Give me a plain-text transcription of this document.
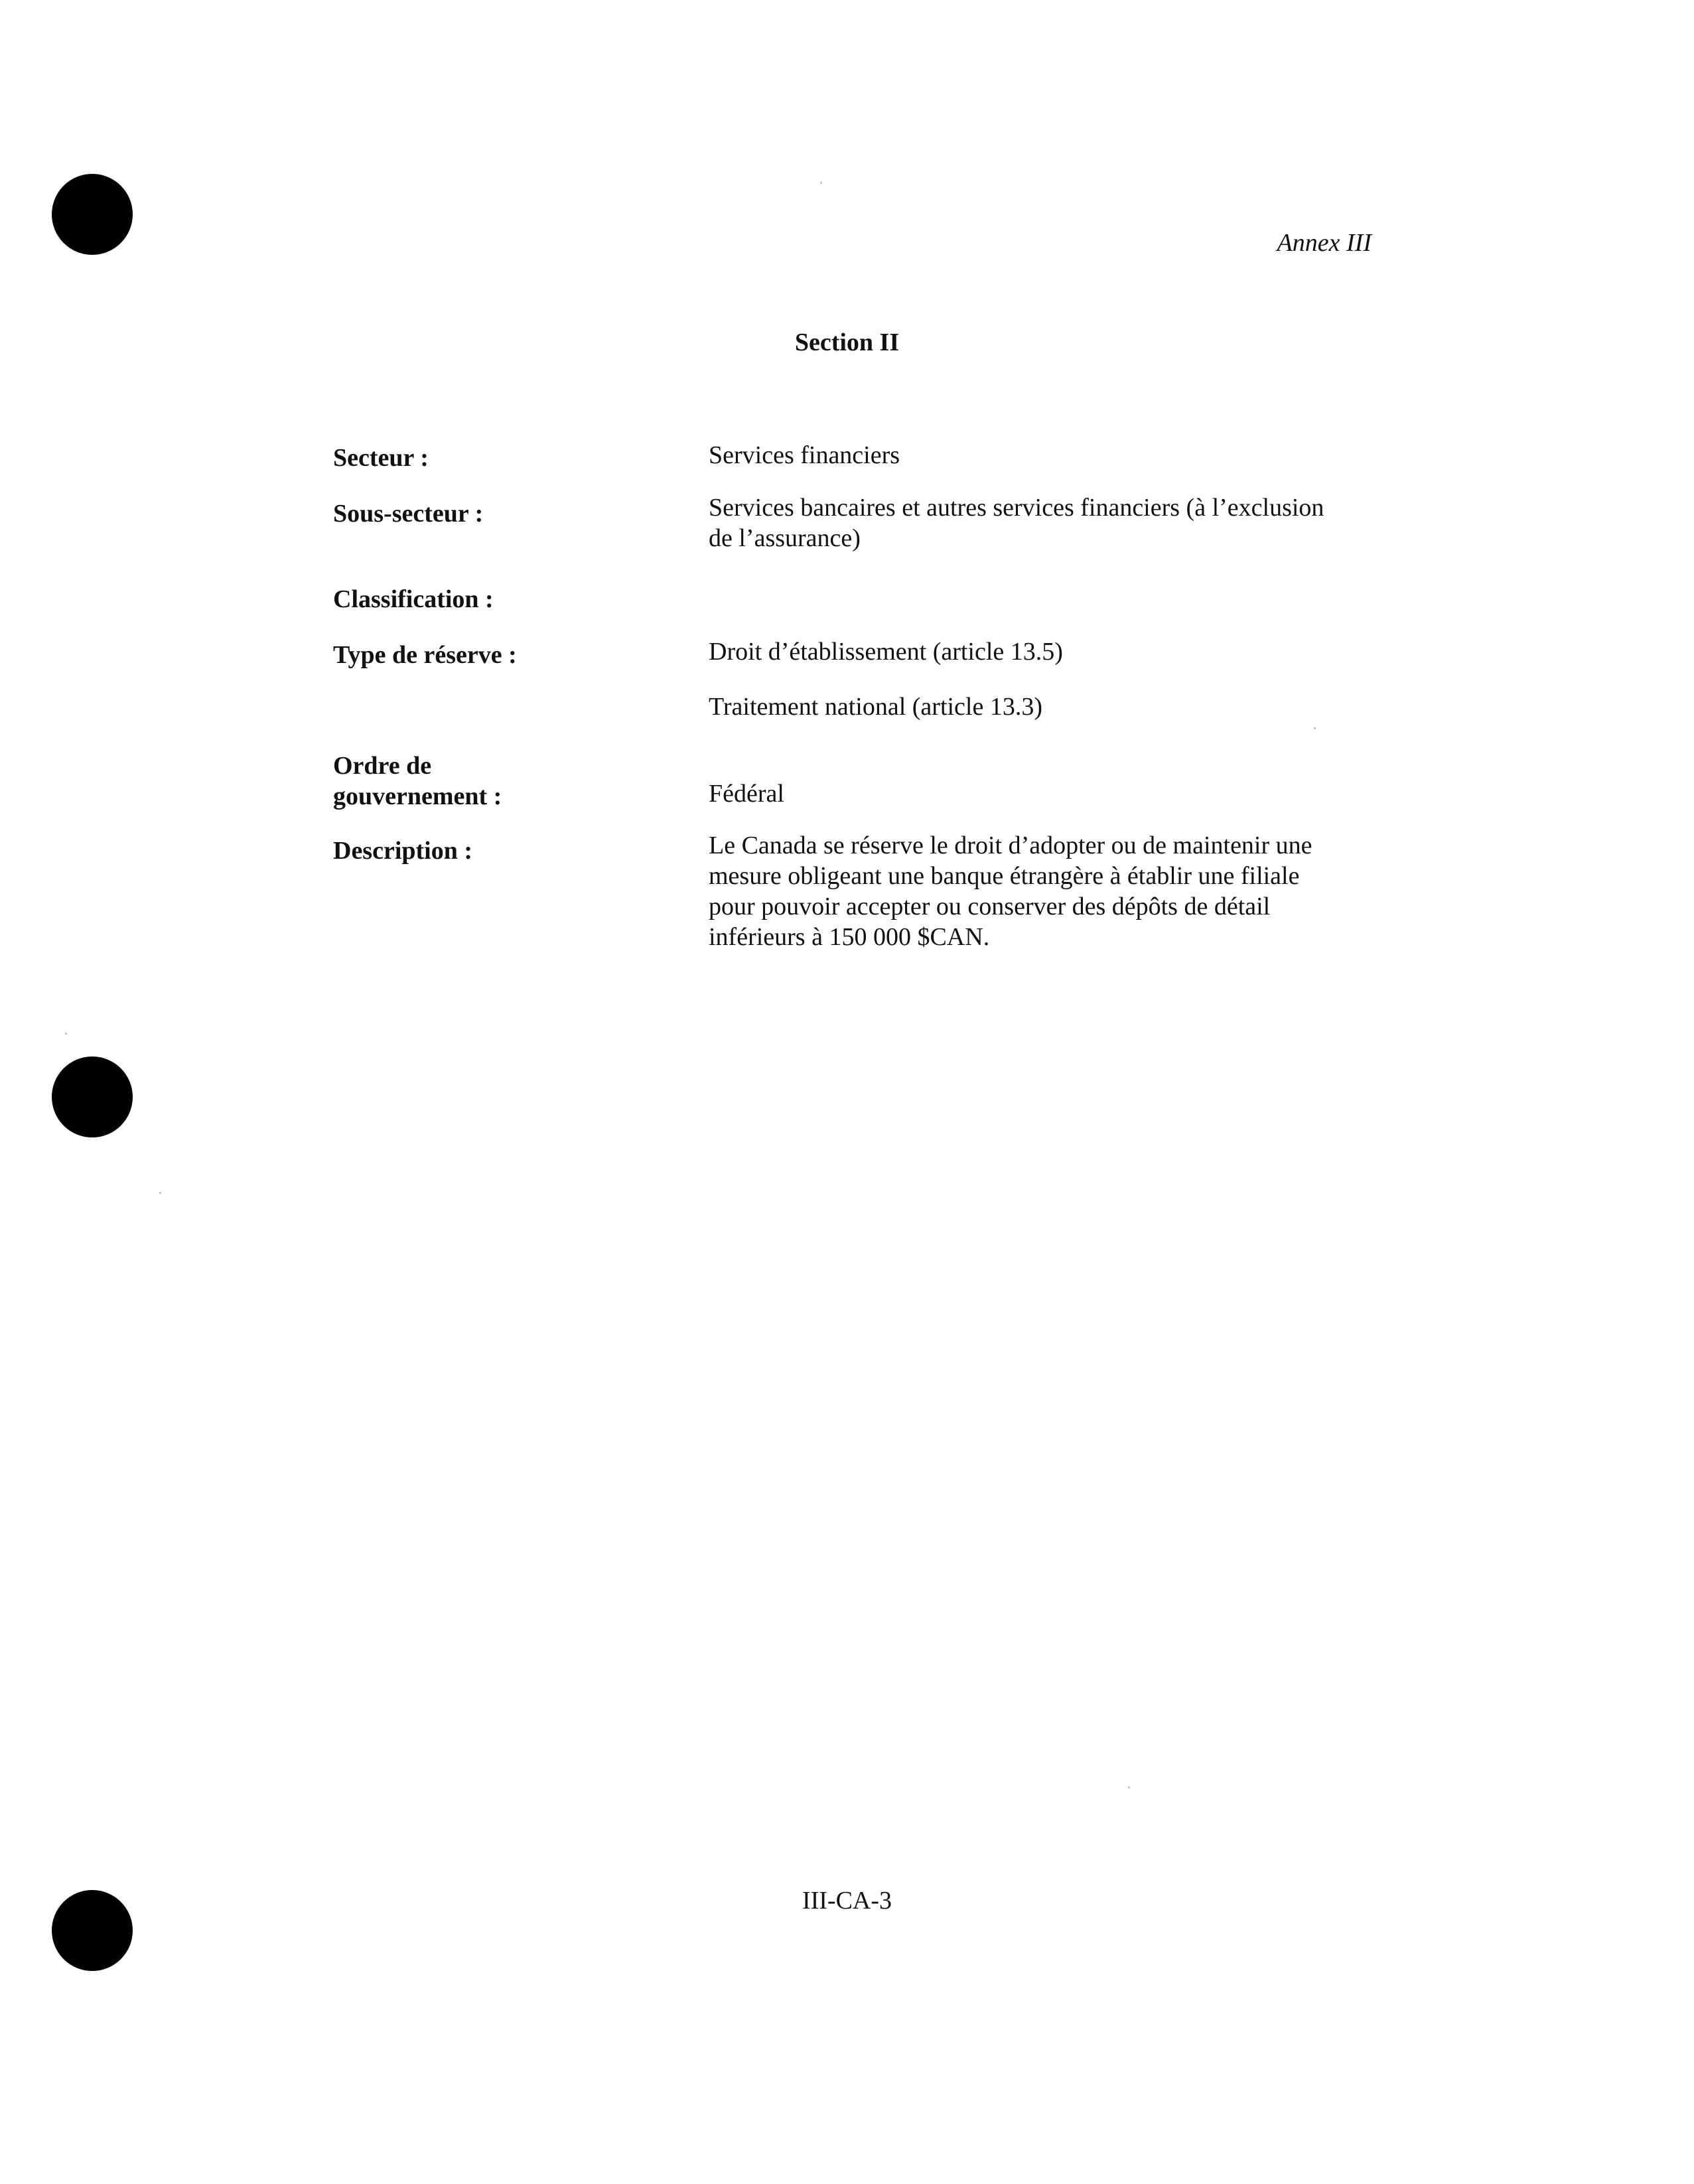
Annex III
Section II
Secteur :	Services financiers
Sous-secteur :	Services bancaires et autres services financiers (à l’exclusion
de l’assurance)
Classification :
Type de réserve :	Droit d’établissement (article 13.5)
Traitement national (article 13.3)
Ordre de
gouvernement :	Fédéral
Description :	Le Canada se réserve le droit d’adopter ou de maintenir une
mesure obligeant une banque étrangère à établir une filiale
pour pouvoir accepter ou conserver des dépôts de détail
inférieurs à 150 000 $CAN.
III-CA-3
